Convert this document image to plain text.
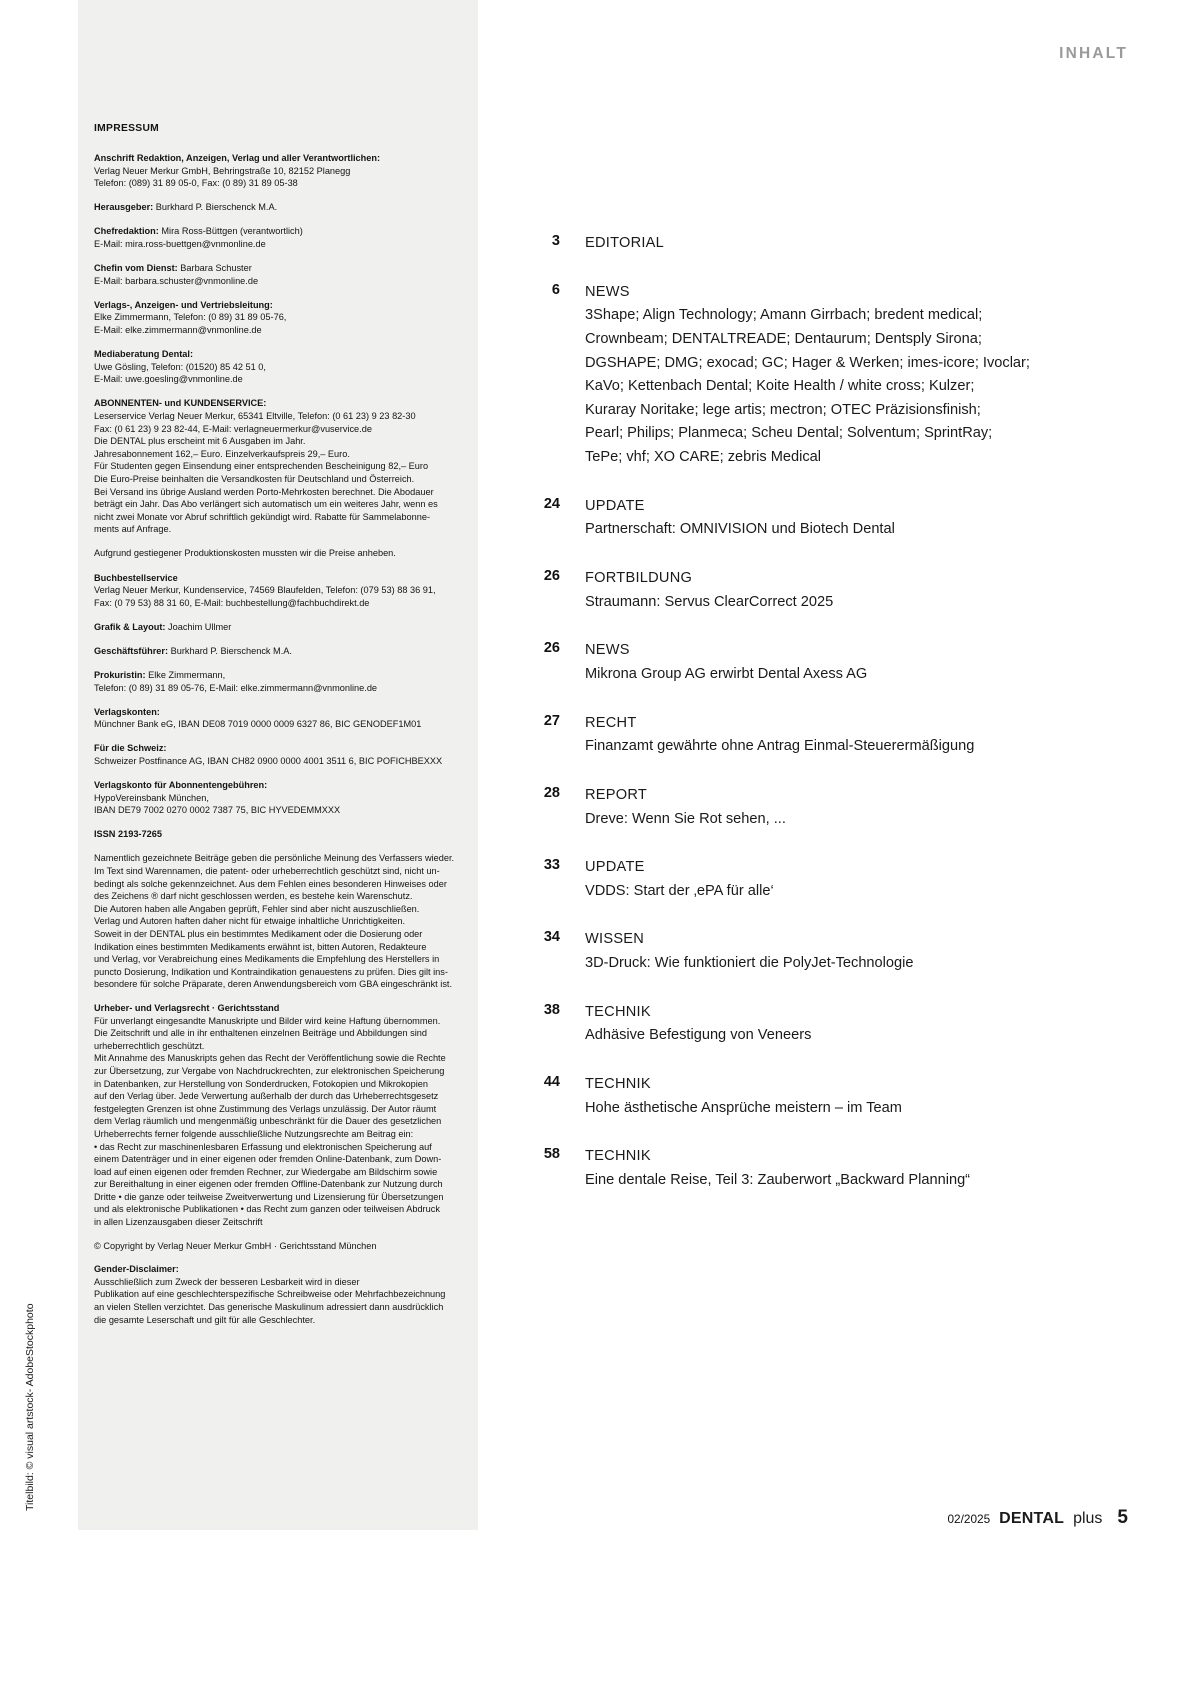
INHALT
IMPRESSUM
Anschrift Redaktion, Anzeigen, Verlag und aller Verantwortlichen:

Verlag Neuer Merkur GmbH, Behringstraße 10, 82152 Planegg
Telefon: (089) 31 89 05-0, Fax: (0 89) 31 89 05-38
Herausgeber: Burkhard P. Bierschenck M.A.
Chefredaktion: Mira Ross-Büttgen (verantwortlich)

E-Mail: mira.ross-buettgen@vnmonline.de
Chefin vom Dienst: Barbara Schuster

E-Mail: barbara.schuster@vnmonline.de
Verlags-, Anzeigen- und Vertriebsleitung:

Elke Zimmermann, Telefon: (0 89) 31 89 05-76,
E-Mail: elke.zimmermann@vnmonline.de
Mediaberatung Dental:

Uwe Gösling, Telefon: (01520) 85 42 51 0,
E-Mail: uwe.goesling@vnmonline.de
ABONNENTEN- und KUNDENSERVICE:

Leserservice Verlag Neuer Merkur, 65341 Eltville, Telefon: (0 61 23) 9 23 82-30
Fax: (0 61 23) 9 23 82-44, E-Mail: verlagneuermerkur@vuservice.de
Die DENTAL plus erscheint mit 6 Ausgaben im Jahr.
Jahresabonnement 162,– Euro. Einzelverkaufspreis 29,– Euro.
Für Studenten gegen Einsendung einer entsprechenden Bescheinigung 82,– Euro
Die Euro-Preise beinhalten die Versandkosten für Deutschland und Österreich.
Bei Versand ins übrige Ausland werden Porto-Mehrkosten berechnet. Die Abodauer
beträgt ein Jahr. Das Abo verlängert sich automatisch um ein weiteres Jahr, wenn es
nicht zwei Monate vor Abruf schriftlich gekündigt wird. Rabatte für Sammelabonne-
ments auf Anfrage.
Aufgrund gestiegener Produktionskosten mussten wir die Preise anheben.
Buchbestellservice

Verlag Neuer Merkur, Kundenservice, 74569 Blaufelden, Telefon: (079 53) 88 36 91,
Fax: (0 79 53) 88 31 60, E-Mail: buchbestellung@fachbuchdirekt.de
Grafik & Layout: Joachim Ullmer
Geschäftsführer: Burkhard P. Bierschenck M.A.
Prokuristin: Elke Zimmermann,

Telefon: (0 89) 31 89 05-76, E-Mail: elke.zimmermann@vnmonline.de
Verlagskonten:

Münchner Bank eG, IBAN DE08 7019 0000 0009 6327 86, BIC GENODEF1M01
Für die Schweiz:

Schweizer Postfinance AG, IBAN CH82 0900 0000 4001 3511 6, BIC POFICHBEXXX
Verlagskonto für Abonnentengebühren:

HypoVereinsbank München,
IBAN DE79 7002 0270 0002 7387 75, BIC HYVEDEMMXXX
ISSN 2193-7265
Namentlich gezeichnete Beiträge geben die persönliche Meinung des Verfassers wieder.
Im Text sind Warennamen, die patent- oder urheberrechtlich geschützt sind, nicht un-
bedingt als solche gekennzeichnet. Aus dem Fehlen eines besonderen Hinweises oder
des Zeichens ® darf nicht geschlossen werden, es bestehe kein Warenschutz.
Die Autoren haben alle Angaben geprüft, Fehler sind aber nicht auszuschließen.
Verlag und Autoren haften daher nicht für etwaige inhaltliche Unrichtigkeiten.
Soweit in der DENTAL plus ein bestimmtes Medikament oder die Dosierung oder
Indikation eines bestimmten Medikaments erwähnt ist, bitten Autoren, Redakteure
und Verlag, vor Verabreichung eines Medikaments die Empfehlung des Herstellers in
puncto Dosierung, Indikation und Kontraindikation genauestens zu prüfen. Dies gilt ins-
besondere für solche Präparate, deren Anwendungsbereich vom GBA eingeschränkt ist.
Urheber- und Verlagsrecht · Gerichtsstand
Für unverlangt eingesandte Manuskripte und Bilder wird keine Haftung übernommen.
Die Zeitschrift und alle in ihr enthaltenen einzelnen Beiträge und Abbildungen sind
urheberrechtlich geschützt.
Mit Annahme des Manuskripts gehen das Recht der Veröffentlichung sowie die Rechte
zur Übersetzung, zur Vergabe von Nachdruckrechten, zur elektronischen Speicherung
in Datenbanken, zur Herstellung von Sonderdrucken, Fotokopien und Mikrokopien
auf den Verlag über. Jede Verwertung außerhalb der durch das Urheberrechtsgesetz
festgelegten Grenzen ist ohne Zustimmung des Verlags unzulässig. Der Autor räumt
dem Verlag räumlich und mengenmäßig unbeschränkt für die Dauer des gesetzlichen
Urheberrechts ferner folgende ausschließliche Nutzungsrechte am Beitrag ein:
• das Recht zur maschinenlesbaren Erfassung und elektronischen Speicherung auf
einem Datenträger und in einer eigenen oder fremden Online-Datenbank, zum Down-
load auf einen eigenen oder fremden Rechner, zur Wiedergabe am Bildschirm sowie
zur Bereithaltung in einer eigenen oder fremden Offline-Datenbank zur Nutzung durch
Dritte • die ganze oder teilweise Zweitverwertung und Lizensierung für Übersetzungen
und als elektronische Publikationen • das Recht zum ganzen oder teilweisen Abdruck
in allen Lizenzausgaben dieser Zeitschrift
© Copyright by Verlag Neuer Merkur GmbH · Gerichtsstand München
Gender-Disclaimer:
Ausschließlich zum Zweck der besseren Lesbarkeit wird in dieser
Publikation auf eine geschlechterspezifische Schreibweise oder Mehrfachbezeichnung
an vielen Stellen verzichtet. Das generische Maskulinum adressiert dann ausdrücklich
die gesamte Leserschaft und gilt für alle Geschlechter.
3 EDITORIAL
6 NEWS
3Shape; Align Technology; Amann Girrbach; bredent medical;
Crownbeam; DENTALTREADE; Dentaurum; Dentsply Sirona;
DGSHAPE; DMG; exocad; GC; Hager & Werken; imes-icore; Ivoclar;
KaVo; Kettenbach Dental; Koite Health / white cross; Kulzer;
Kuraray Noritake; lege artis; mectron; OTEC Präzisionsfinish;
Pearl; Philips; Planmeca; Scheu Dental; Solventum; SprintRay;
TePe; vhf; XO CARE; zebris Medical
24 UPDATE
Partnerschaft: OMNIVISION und Biotech Dental
26 FORTBILDUNG
Straumann: Servus ClearCorrect 2025
26 NEWS
Mikrona Group AG erwirbt Dental Axess AG
27 RECHT
Finanzamt gewährte ohne Antrag Einmal-Steuerermäßigung
28 REPORT
Dreve: Wenn Sie Rot sehen, ...
33 UPDATE
VDDS: Start der ‚ePA für alle‘
34 WISSEN
3D-Druck: Wie funktioniert die PolyJet-Technologie
38 TECHNIK
Adhäsive Befestigung von Veneers
44 TECHNIK
Hohe ästhetische Ansprüche meistern – im Team
58 TECHNIK
Eine dentale Reise, Teil 3: Zauberwort „Backward Planning“
Titelbild: © visual artstock- AdobeStockphoto
02/2025 DENTAL plus 5
